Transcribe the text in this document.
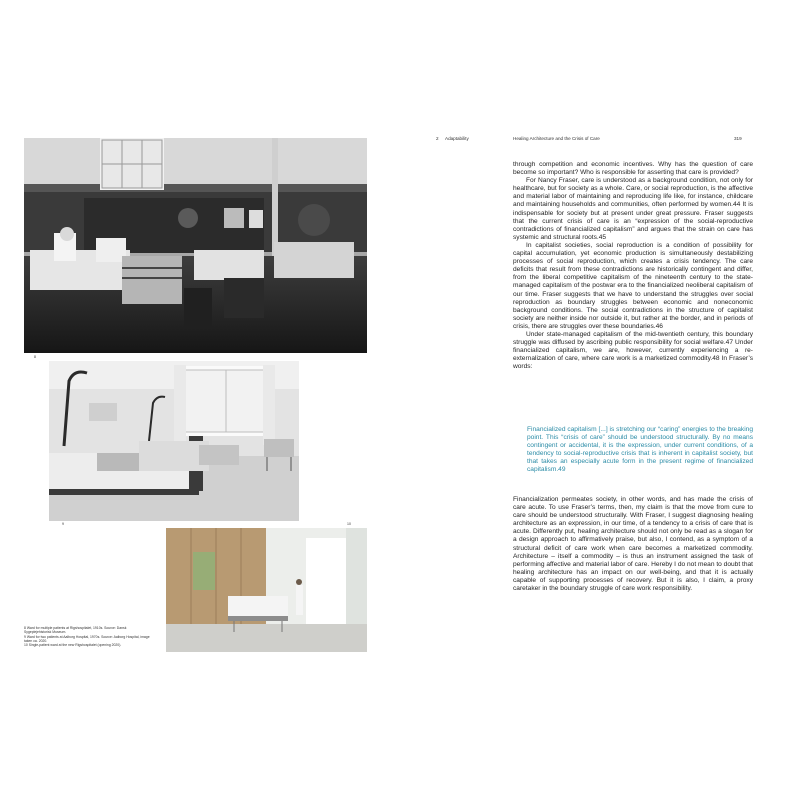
8
9	10

8 Ward for multiple patients at Rigshospitalet, 1910s. Source: Dansk Sygeplejehistorisk Museum.

9 Ward for two patients at Aalborg Hospital, 1970s. Source: Aalborg Hospital, image taken ca. 2020.

10 Single-patient ward at the new Rigshospitalet (opening 2020).

2 Adaptability	Healing Architecture and the Crisis of Care	319

through competition and economic incentives. Why has the question of care become so important? Who is responsible for asserting that care is provided?

For Nancy Fraser, care is understood as a background condition, not only for healthcare, but for society as a whole. Care, or social reproduction, is the affective and material labor of maintaining and reproducing life like, for instance, childcare and maintaining households and communities, often performed by women.44 It is indispensable for society but at present under great pressure. Fraser suggests that the current crisis of care is an “expression of the social-reproductive contradictions of financialized capitalism” and argues that the strain on care has systemic and structural roots.45

In capitalist societies, social reproduction is a condition of possibility for capital accumulation, yet economic production is simultaneously destabilizing processes of social reproduction, which creates a crisis tendency. The care deficits that result from these contradictions are historically contingent and differ, from the liberal competitive capitalism of the nineteenth century to the state-managed capitalism of the postwar era to the financialized neoliberal capitalism of our time. Fraser suggests that we have to understand the struggles over social reproduction as boundary struggles between economic and noneconomic background conditions. The social contradictions in the structure of capitalist society are neither inside nor outside it, but rather at the border, and in periods of crisis, there are struggles over these boundaries.46

Under state-managed capitalism of the mid-twentieth century, this boundary struggle was diffused by ascribing public responsibility for social welfare.47 Under financialized capitalism, we are, however, currently experiencing a re-externalization of care, where care work is a marketized commodity.48 In Fraser’s words:

Financialized capitalism [...] is stretching our “caring” energies to the breaking point. This “crisis of care” should be understood structurally. By no means contingent or accidental, it is the expression, under current conditions, of a tendency to social-reproductive crisis that is inherent in capitalist society, but that takes an especially acute form in the present regime of financialized capitalism.49

Financialization permeates society, in other words, and has made the crisis of care acute. To use Fraser’s terms, then, my claim is that the move from cure to care should be understood structurally. With Fraser, I suggest diagnosing healing architecture as an expression, in our time, of a tendency to a crisis of care that is acute. Differently put, healing architecture should not only be read as a slogan for a design approach to affirmatively praise, but also, I contend, as a symptom of a structural deficit of care work when care becomes a marketized commodity. Architecture – itself a commodity – is thus an instrument assigned the task of performing affective and material labor of care. Hereby I do not mean to doubt that healing architecture has an impact on our well-being, and that it is actually capable of supporting processes of recovery. But it is also, I claim, a proxy caretaker in the boundary struggle of care work responsibility.
